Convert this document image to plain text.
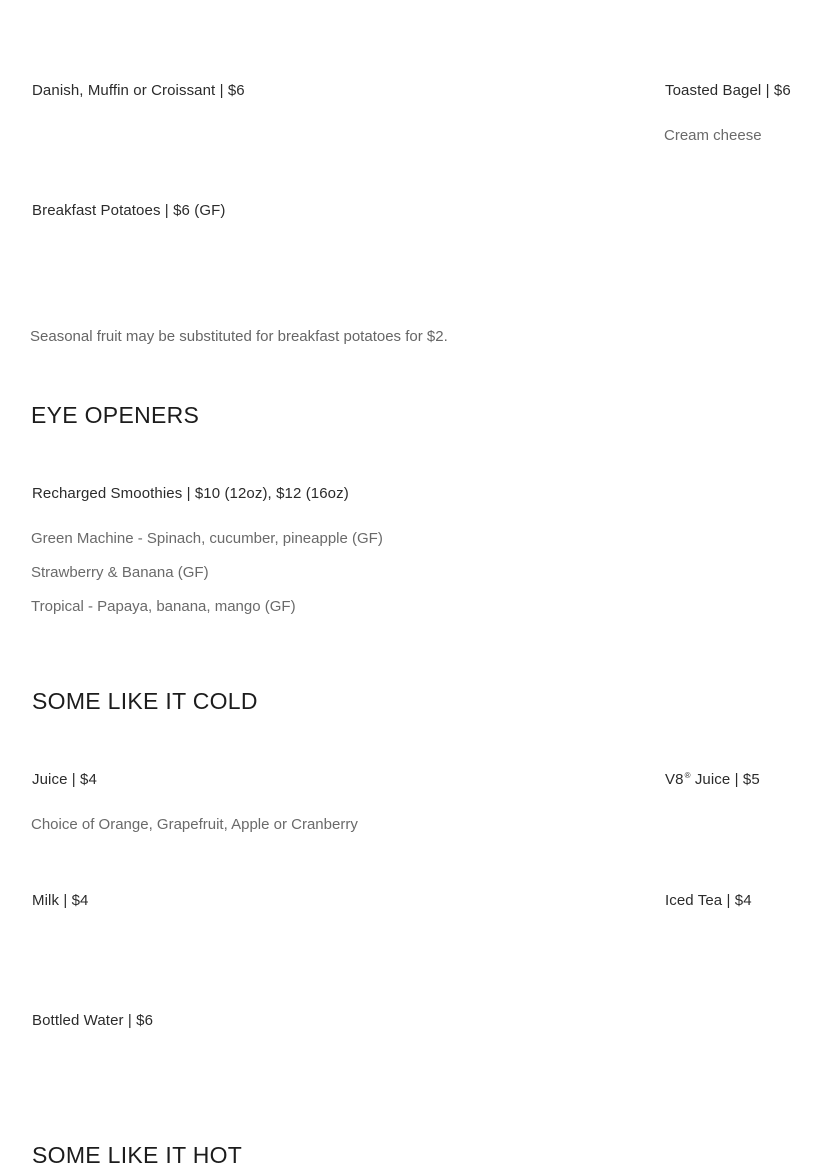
Danish, Muffin or Croissant | $6	Toasted Bagel | $6
Cream cheese
Breakfast Potatoes | $6 (GF)
Seasonal fruit may be substituted for breakfast potatoes for $2.
EYE OPENERS
Recharged Smoothies | $10 (12oz), $12 (16oz)
Green Machine - Spinach, cucumber, pineapple (GF)
Strawberry & Banana (GF)
Tropical - Papaya, banana, mango (GF)
SOME LIKE IT COLD
Juice | $4	V8® Juice | $5
Choice of Orange, Grapefruit, Apple or Cranberry
Milk | $4	Iced Tea | $4
Bottled Water | $6
SOME LIKE IT HOT
